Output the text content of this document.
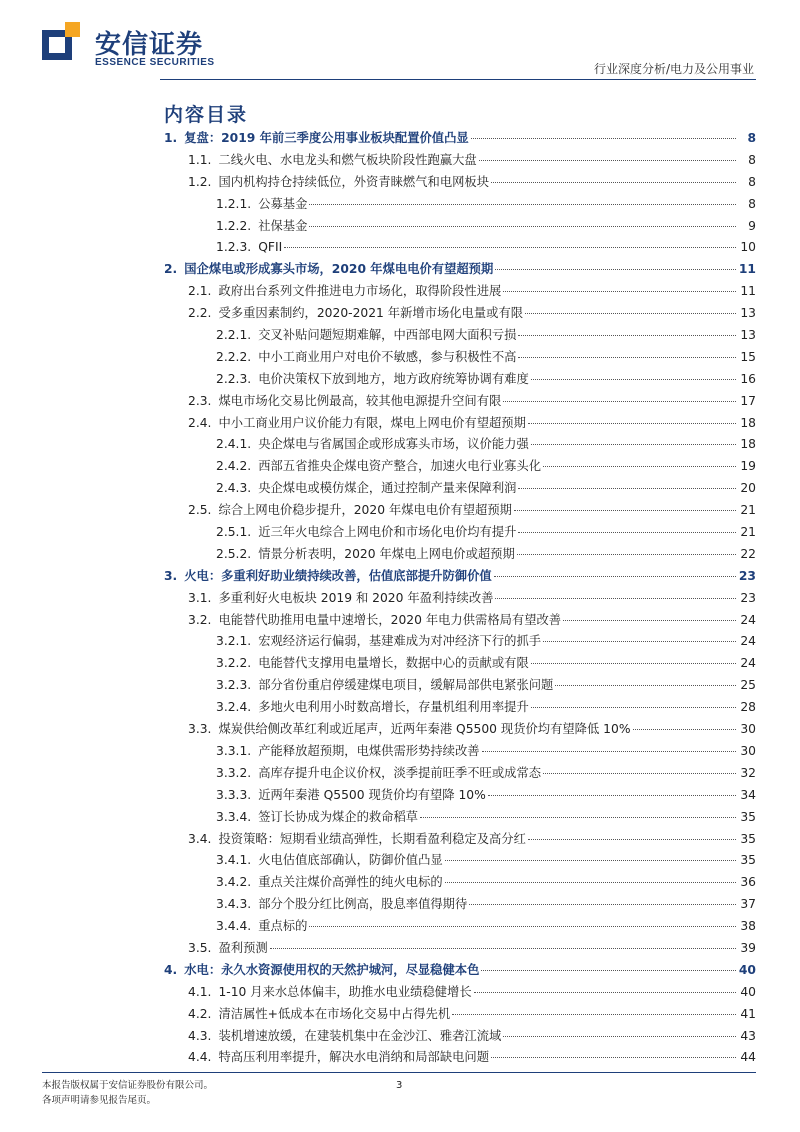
安信证券
ESSENCE SECURITIES	行业深度分析/电力及公用事业
内容目录
1. 复盘：2019 年前三季度公用事业板块配置价值凸显	8
1.1. 二线火电、水电龙头和燃气板块阶段性跑赢大盘	8
1.2. 国内机构持仓持续低位，外资青睐燃气和电网板块	8
1.2.1. 公募基金	8
1.2.2. 社保基金	9
1.2.3. QFII	10
2. 国企煤电或形成寡头市场，2020 年煤电电价有望超预期	11
2.1. 政府出台系列文件推进电力市场化，取得阶段性进展	11
2.2. 受多重因素制约，2020-2021 年新增市场化电量或有限	13
2.2.1. 交叉补贴问题短期难解，中西部电网大面积亏损	13
2.2.2. 中小工商业用户对电价不敏感，参与积极性不高	15
2.2.3. 电价决策权下放到地方，地方政府统筹协调有难度	16
2.3. 煤电市场化交易比例最高，较其他电源提升空间有限	17
2.4. 中小工商业用户议价能力有限，煤电上网电价有望超预期	18
2.4.1. 央企煤电与省属国企或形成寡头市场，议价能力强	18
2.4.2. 西部五省推央企煤电资产整合，加速火电行业寡头化	19
2.4.3. 央企煤电或模仿煤企，通过控制产量来保障利润	20
2.5. 综合上网电价稳步提升，2020 年煤电电价有望超预期	21
2.5.1. 近三年火电综合上网电价和市场化电价均有提升	21
2.5.2. 情景分析表明，2020 年煤电上网电价或超预期	22
3. 火电：多重利好助业绩持续改善，估值底部提升防御价值	23
3.1. 多重利好火电板块 2019 和 2020 年盈利持续改善	23
3.2. 电能替代助推用电量中速增长，2020 年电力供需格局有望改善	24
3.2.1. 宏观经济运行偏弱，基建难成为对冲经济下行的抓手	24
3.2.2. 电能替代支撑用电量增长，数据中心的贡献或有限	24
3.2.3. 部分省份重启停缓建煤电项目，缓解局部供电紧张问题	25
3.2.4. 多地火电利用小时数高增长，存量机组利用率提升	28
3.3. 煤炭供给侧改革红利或近尾声，近两年秦港 Q5500 现货价均有望降低 10%	30
3.3.1. 产能释放超预期，电煤供需形势持续改善	30
3.3.2. 高库存提升电企议价权，淡季提前旺季不旺或成常态	32
3.3.3. 近两年秦港 Q5500 现货价均有望降 10%	34
3.3.4. 签订长协成为煤企的救命稻草	35
3.4. 投资策略：短期看业绩高弹性，长期看盈利稳定及高分红	35
3.4.1. 火电估值底部确认，防御价值凸显	35
3.4.2. 重点关注煤价高弹性的纯火电标的	36
3.4.3. 部分个股分红比例高，股息率值得期待	37
3.4.4. 重点标的	38
3.5. 盈利预测	39
4. 水电：永久水资源使用权的天然护城河，尽显稳健本色	40
4.1. 1-10 月来水总体偏丰，助推水电业绩稳健增长	40
4.2. 清洁属性+低成本在市场化交易中占得先机	41
4.3. 装机增速放缓，在建装机集中在金沙江、雅砻江流域	43
4.4. 特高压利用率提升，解决水电消纳和局部缺电问题	44
本报告版权属于安信证券股份有限公司。
各项声明请参见报告尾页。
3
